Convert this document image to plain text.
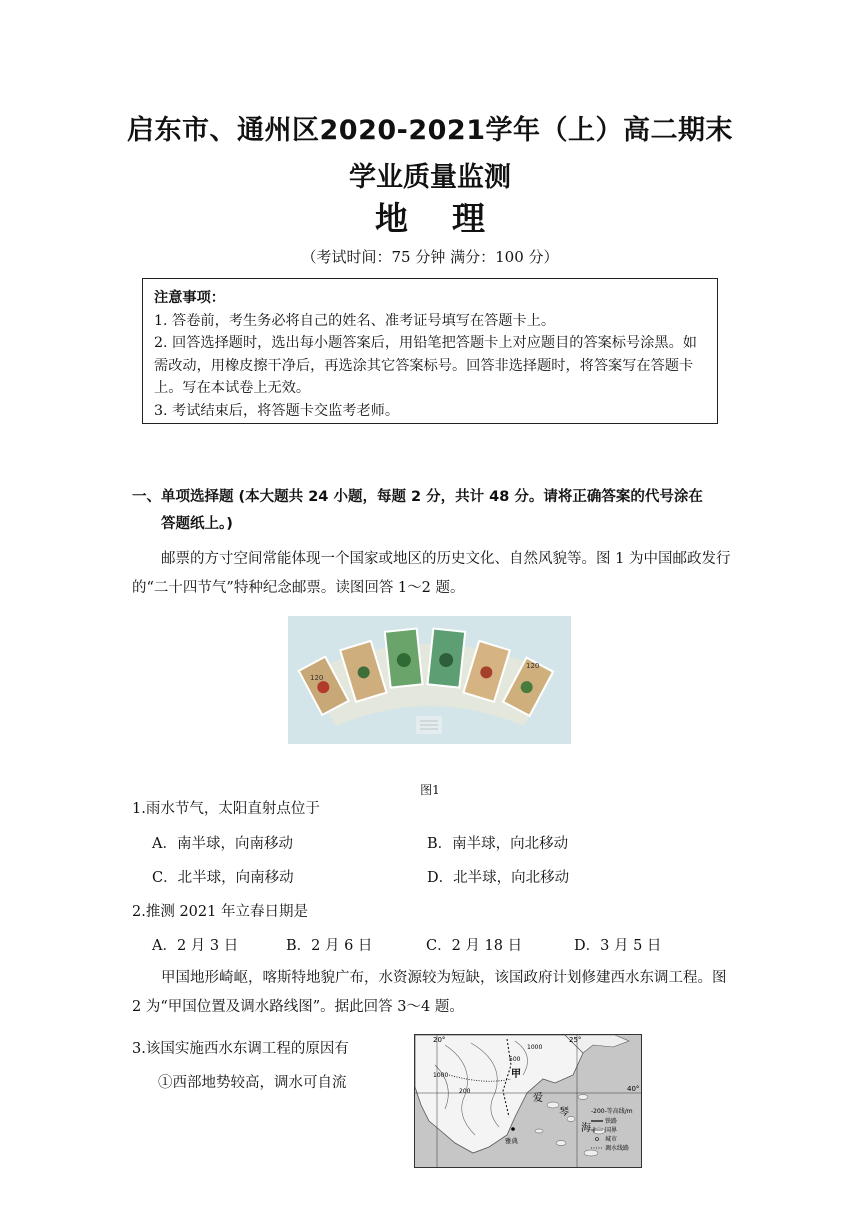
启东市、通州区2020-2021学年（上）高二期末
学业质量监测
地理
（考试时间：75 分钟 满分：100 分）
注意事项：
1. 答卷前，考生务必将自己的姓名、准考证号填写在答题卡上。
2. 回答选择题时，选出每小题答案后，用铅笔把答题卡上对应题目的答案标号涂黑。如需改动，用橡皮擦干净后，再选涂其它答案标号。回答非选择题时，将答案写在答题卡上。写在本试卷上无效。
3. 考试结束后，将答题卡交监考老师。
一、单项选择题 (本大题共 24 小题，每题 2 分，共计 48 分。请将正确答案的代号涂在
答题纸上。)
邮票的方寸空间常能体现一个国家或地区的历史文化、自然风貌等。图 1 为中国邮政发行的“二十四节气”特种纪念邮票。读图回答 1～2 题。
120
120
图1
1.雨水节气，太阳直射点位于
A．南半球，向南移动	B．南半球，向北移动
C．北半球，向南移动	D．北半球，向北移动
2.推测 2021 年立春日期是
A．2 月 3 日	B．2 月 6 日	C．2 月 18 日	D．3 月 5 日
甲国地形崎岖，喀斯特地貌广布，水资源较为短缺，该国政府计划修建西水东调工程。图 2 为“甲国位置及调水路线图”。据此回答 3～4 题。
3.该国实施西水东调工程的原因有
①西部地势较高，调水可自流
20°	25°
40°
1000
500
200
1000	甲
爱
琴
海
雅典
-200-等高线/m
铁路
国界
城市
调水线路
